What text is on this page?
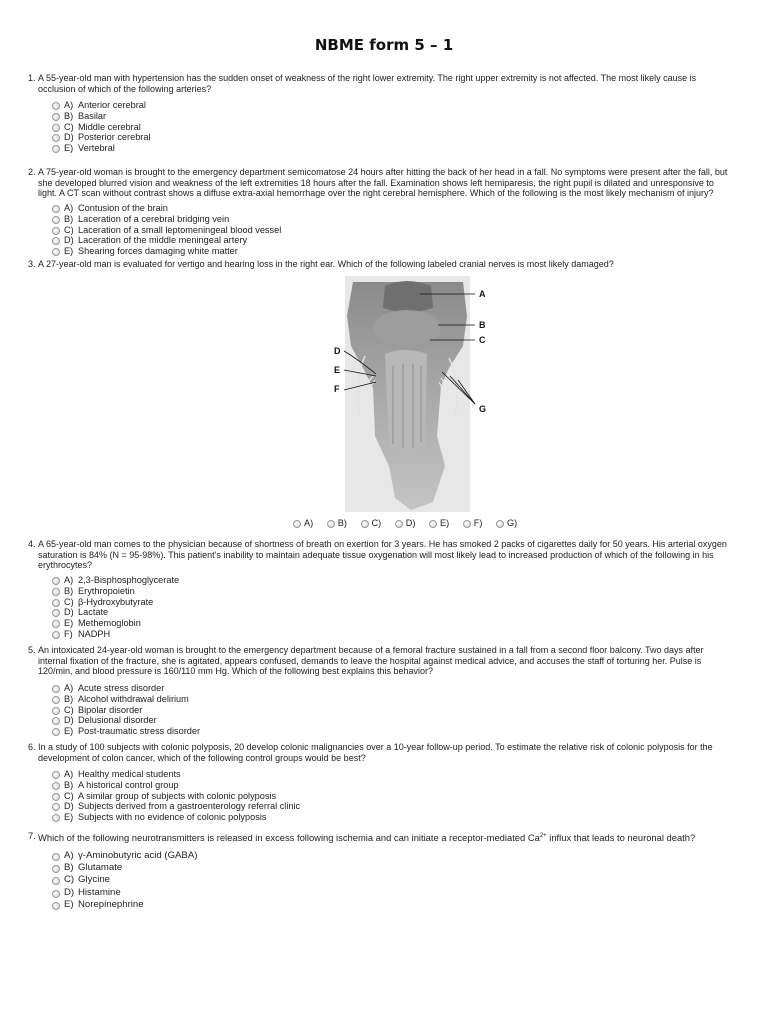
NBME form 5 – 1
1. A 55-year-old man with hypertension has the sudden onset of weakness of the right lower extremity. The right upper extremity is not affected. The most likely cause is occlusion of which of the following arteries?
A) Anterior cerebral
B) Basilar
C) Middle cerebral
D) Posterior cerebral
E) Vertebral
2. A 75-year-old woman is brought to the emergency department semicomatose 24 hours after hitting the back of her head in a fall. No symptoms were present after the fall, but she developed blurred vision and weakness of the left extremities 18 hours after the fall. Examination shows left hemiparesis, the right pupil is dilated and unresponsive to light. A CT scan without contrast shows a diffuse extra-axial hemorrhage over the right cerebral hemisphere. Which of the following is the most likely mechanism of injury?
A) Contusion of the brain
B) Laceration of a cerebral bridging vein
C) Laceration of a small leptomeningeal blood vessel
D) Laceration of the middle meningeal artery
E) Shearing forces damaging white matter
3. A 27-year-old man is evaluated for vertigo and hearing loss in the right ear. Which of the following labeled cranial nerves is most likely damaged?
A
B
C
D
E
F
G
A)	B)	C)	D)	E)	F)	G)
4. A 65-year-old man comes to the physician because of shortness of breath on exertion for 3 years. He has smoked 2 packs of cigarettes daily for 50 years. His arterial oxygen saturation is 84% (N = 95-98%). This patient's inability to maintain adequate tissue oxygenation will most likely lead to increased production of which of the following in his erythrocytes?
A) 2,3-Bisphosphoglycerate
B) Erythropoietin
C) β-Hydroxybutyrate
D) Lactate
E) Methemoglobin
F) NADPH
5. An intoxicated 24-year-old woman is brought to the emergency department because of a femoral fracture sustained in a fall from a second floor balcony. Two days after internal fixation of the fracture, she is agitated, appears confused, demands to leave the hospital against medical advice, and accuses the staff of torturing her. Pulse is 120/min, and blood pressure is 160/110 mm Hg. Which of the following best explains this behavior?
A) Acute stress disorder
B) Alcohol withdrawal delirium
C) Bipolar disorder
D) Delusional disorder
E) Post-traumatic stress disorder
6. In a study of 100 subjects with colonic polyposis, 20 develop colonic malignancies over a 10-year follow-up period. To estimate the relative risk of colonic polyposis for the development of colon cancer, which of the following control groups would be best?
A) Healthy medical students
B) A historical control group
C) A similar group of subjects with colonic polyposis
D) Subjects derived from a gastroenterology referral clinic
E) Subjects with no evidence of colonic polyposis
7. Which of the following neurotransmitters is released in excess following ischemia and can initiate a receptor-mediated $Ca^{2+}$ influx that leads to neuronal death?
A) γ-Aminobutyric acid (GABA)
B) Glutamate
C) Glycine
D) Histamine
E) Norepinephrine
